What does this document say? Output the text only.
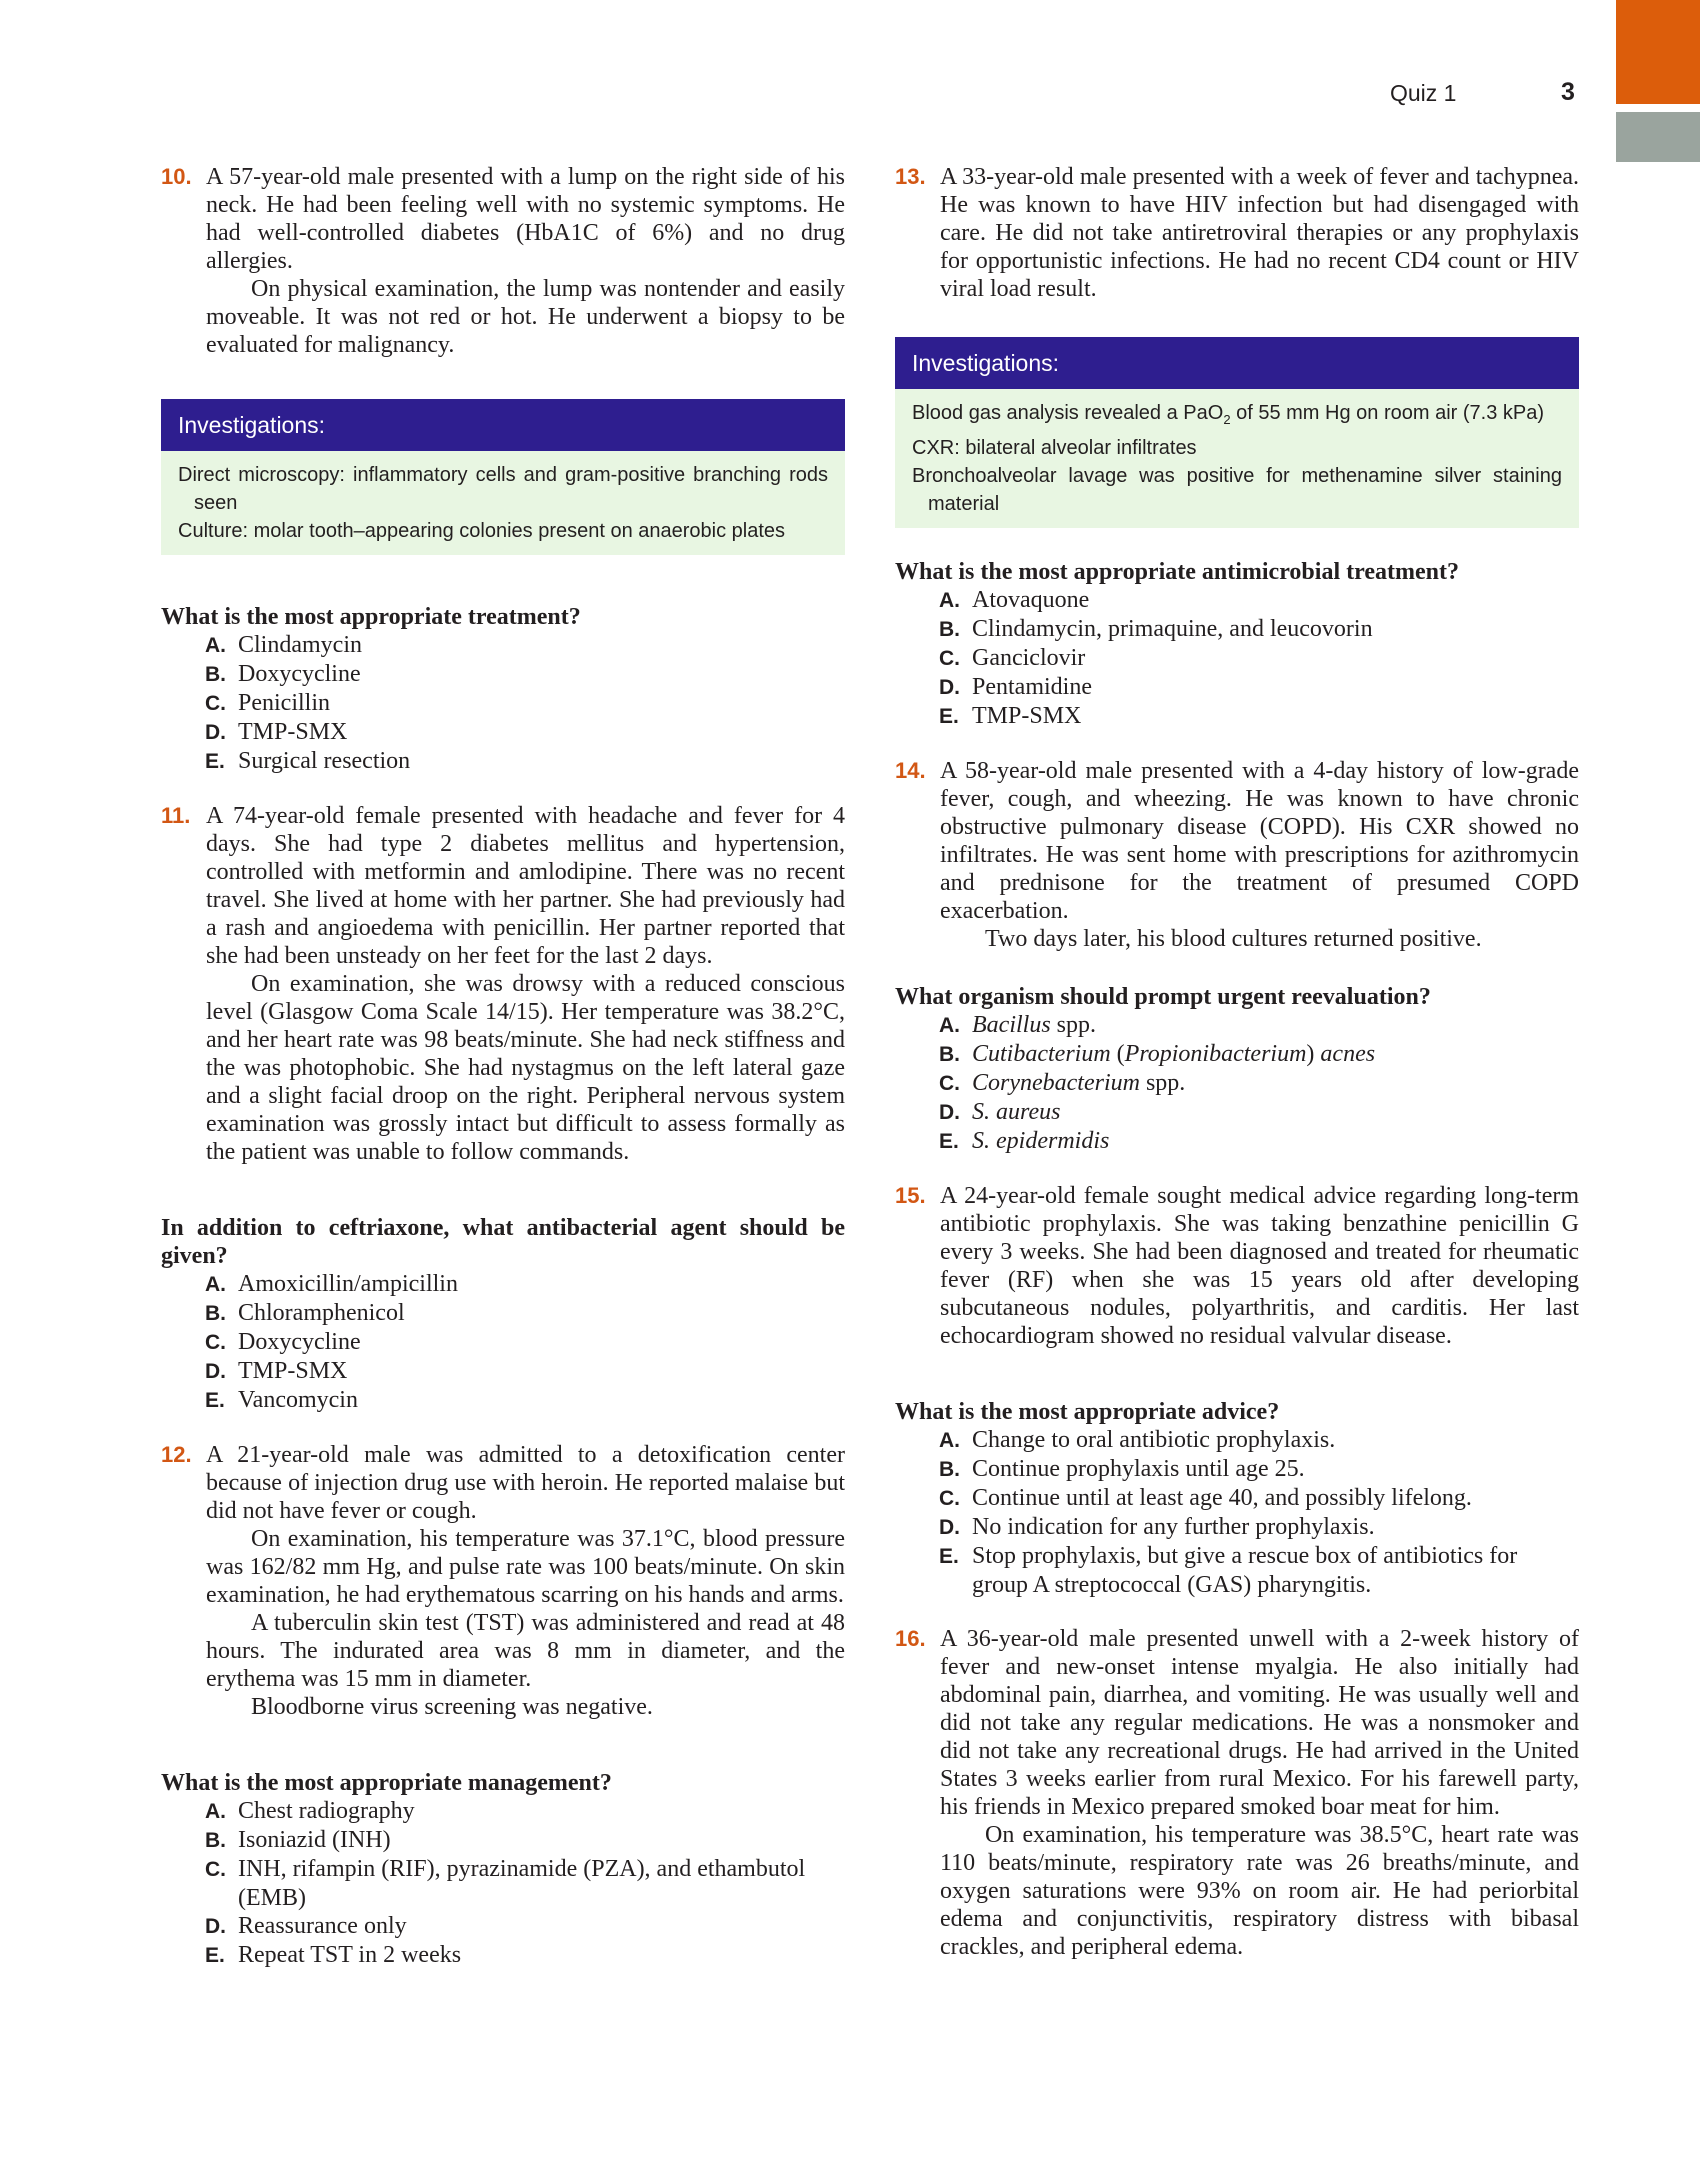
Quiz 1	3

10. A 57-year-old male presented with a lump on the right side of his neck. He had been feeling well with no systemic symptoms. He had well-controlled diabetes (HbA1C of 6%) and no drug allergies.

On physical examination, the lump was nontender and easily moveable. It was not red or hot. He underwent a biopsy to be evaluated for malignancy.

Investigations:

Direct microscopy: inflammatory cells and gram-positive branching rods seen

Culture: molar tooth–appearing colonies present on anaerobic plates

What is the most appropriate treatment?
A. Clindamycin
B. Doxycycline
C. Penicillin
D. TMP-SMX
E. Surgical resection

11. A 74-year-old female presented with headache and fever for 4 days. She had type 2 diabetes mellitus and hypertension, controlled with metformin and amlodipine. There was no recent travel. She lived at home with her partner. She had previously had a rash and angioedema with penicillin. Her partner reported that she had been unsteady on her feet for the last 2 days.

On examination, she was drowsy with a reduced conscious level (Glasgow Coma Scale 14/15). Her temperature was 38.2°C, and her heart rate was 98 beats/minute. She had neck stiffness and the was photophobic. She had nystagmus on the left lateral gaze and a slight facial droop on the right. Peripheral nervous system examination was grossly intact but difficult to assess formally as the patient was unable to follow commands.

In addition to ceftriaxone, what antibacterial agent should be given?
A. Amoxicillin/ampicillin
B. Chloramphenicol
C. Doxycycline
D. TMP-SMX
E. Vancomycin

12. A 21-year-old male was admitted to a detoxification center because of injection drug use with heroin. He reported malaise but did not have fever or cough.

On examination, his temperature was 37.1°C, blood pressure was 162/82 mm Hg, and pulse rate was 100 beats/minute. On skin examination, he had erythematous scarring on his hands and arms.

A tuberculin skin test (TST) was administered and read at 48 hours. The indurated area was 8 mm in diameter, and the erythema was 15 mm in diameter.

Bloodborne virus screening was negative.

What is the most appropriate management?
A. Chest radiography
B. Isoniazid (INH)
C. INH, rifampin (RIF), pyrazinamide (PZA), and ethambutol (EMB)
D. Reassurance only
E. Repeat TST in 2 weeks

13. A 33-year-old male presented with a week of fever and tachypnea. He was known to have HIV infection but had disengaged with care. He did not take antiretroviral therapies or any prophylaxis for opportunistic infections. He had no recent CD4 count or HIV viral load result.

Investigations:

Blood gas analysis revealed a PaO$_2$ of 55 mm Hg on room air (7.3 kPa)

CXR: bilateral alveolar infiltrates

Bronchoalveolar lavage was positive for methenamine silver staining material

What is the most appropriate antimicrobial treatment?
A. Atovaquone
B. Clindamycin, primaquine, and leucovorin
C. Ganciclovir
D. Pentamidine
E. TMP-SMX

14. A 58-year-old male presented with a 4-day history of low-grade fever, cough, and wheezing. He was known to have chronic obstructive pulmonary disease (COPD). His CXR showed no infiltrates. He was sent home with prescriptions for azithromycin and prednisone for the treatment of presumed COPD exacerbation.

Two days later, his blood cultures returned positive.

What organism should prompt urgent reevaluation?
A. Bacillus spp.
B. Cutibacterium (Propionibacterium) acnes
C. Corynebacterium spp.
D. S. aureus
E. S. epidermidis

15. A 24-year-old female sought medical advice regarding long-term antibiotic prophylaxis. She was taking benzathine penicillin G every 3 weeks. She had been diagnosed and treated for rheumatic fever (RF) when she was 15 years old after developing subcutaneous nodules, polyarthritis, and carditis. Her last echocardiogram showed no residual valvular disease.

What is the most appropriate advice?
A. Change to oral antibiotic prophylaxis.
B. Continue prophylaxis until age 25.
C. Continue until at least age 40, and possibly lifelong.
D. No indication for any further prophylaxis.
E. Stop prophylaxis, but give a rescue box of antibiotics for group A streptococcal (GAS) pharyngitis.

16. A 36-year-old male presented unwell with a 2-week history of fever and new-onset intense myalgia. He also initially had abdominal pain, diarrhea, and vomiting. He was usually well and did not take any regular medications. He was a nonsmoker and did not take any recreational drugs. He had arrived in the United States 3 weeks earlier from rural Mexico. For his farewell party, his friends in Mexico prepared smoked boar meat for him.

On examination, his temperature was 38.5°C, heart rate was 110 beats/minute, respiratory rate was 26 breaths/minute, and oxygen saturations were 93% on room air. He had periorbital edema and conjunctivitis, respiratory distress with bibasal crackles, and peripheral edema.
